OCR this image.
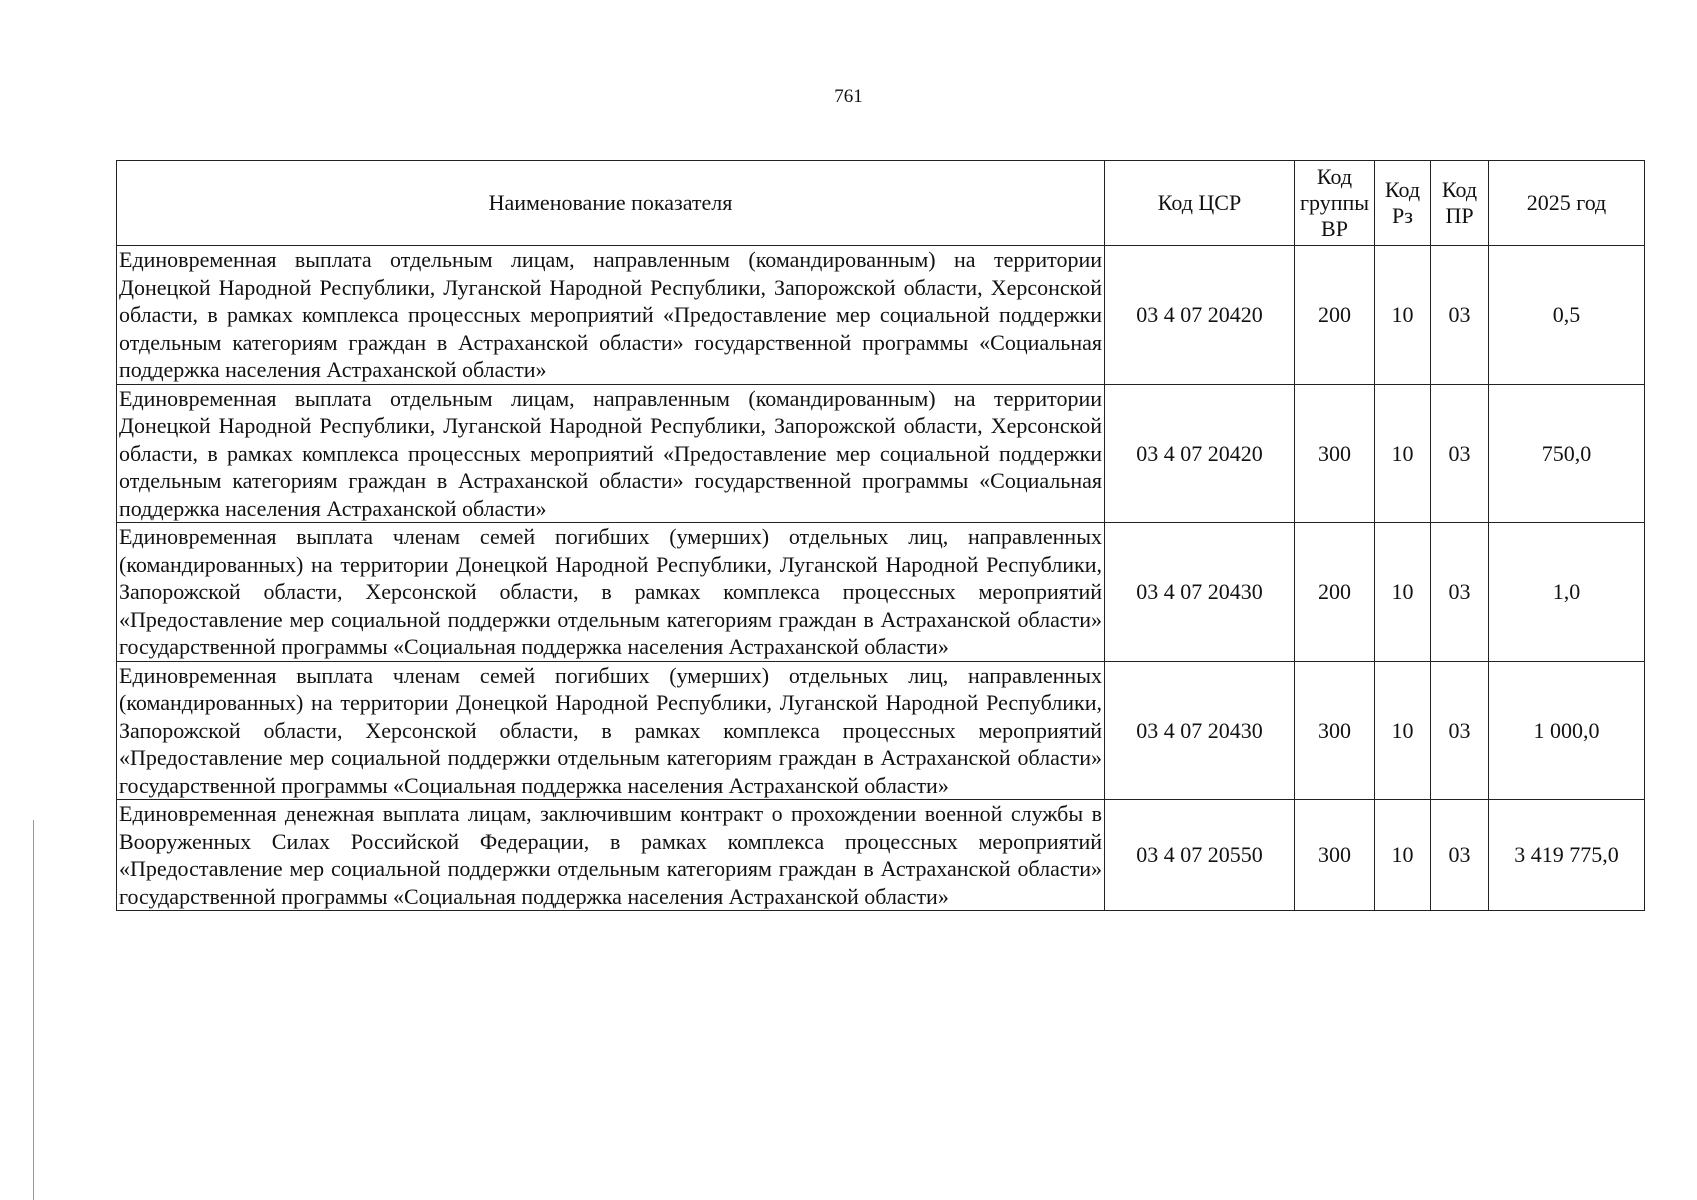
761
Наименование показателя	Код ЦСР	Код группы ВР	Код Рз	Код ПР	2025 год
Единовременная выплата отдельным лицам, направленным (командированным) на территории Донецкой Народной Республики, Луганской Народной Республики, Запорожской области, Херсонской области, в рамках комплекса процессных мероприятий «Предоставление мер социальной поддержки отдельным категориям граждан в Астраханской области» государственной программы «Социальная поддержка населения Астраханской области»	03 4 07 20420	200	10	03	0,5
Единовременная выплата отдельным лицам, направленным (командированным) на территории Донецкой Народной Республики, Луганской Народной Республики, Запорожской области, Херсонской области, в рамках комплекса процессных мероприятий «Предоставление мер социальной поддержки отдельным категориям граждан в Астраханской области» государственной программы «Социальная поддержка населения Астраханской области»	03 4 07 20420	300	10	03	750,0
Единовременная выплата членам семей погибших (умерших) отдельных лиц, направленных (командированных) на территории Донецкой Народной Республики, Луганской Народной Республики, Запорожской области, Херсонской области, в рамках комплекса процессных мероприятий «Предоставление мер социальной поддержки отдельным категориям граждан в Астраханской области» государственной программы «Социальная поддержка населения Астраханской области»	03 4 07 20430	200	10	03	1,0
Единовременная выплата членам семей погибших (умерших) отдельных лиц, направленных (командированных) на территории Донецкой Народной Республики, Луганской Народной Республики, Запорожской области, Херсонской области, в рамках комплекса процессных мероприятий «Предоставление мер социальной поддержки отдельным категориям граждан в Астраханской области» государственной программы «Социальная поддержка населения Астраханской области»	03 4 07 20430	300	10	03	1 000,0
Единовременная денежная выплата лицам, заключившим контракт о прохождении военной службы в Вооруженных Силах Российской Федерации, в рамках комплекса процессных мероприятий «Предоставление мер социальной поддержки отдельным категориям граждан в Астраханской области» государственной программы «Социальная поддержка населения Астраханской области»	03 4 07 20550	300	10	03	3 419 775,0
